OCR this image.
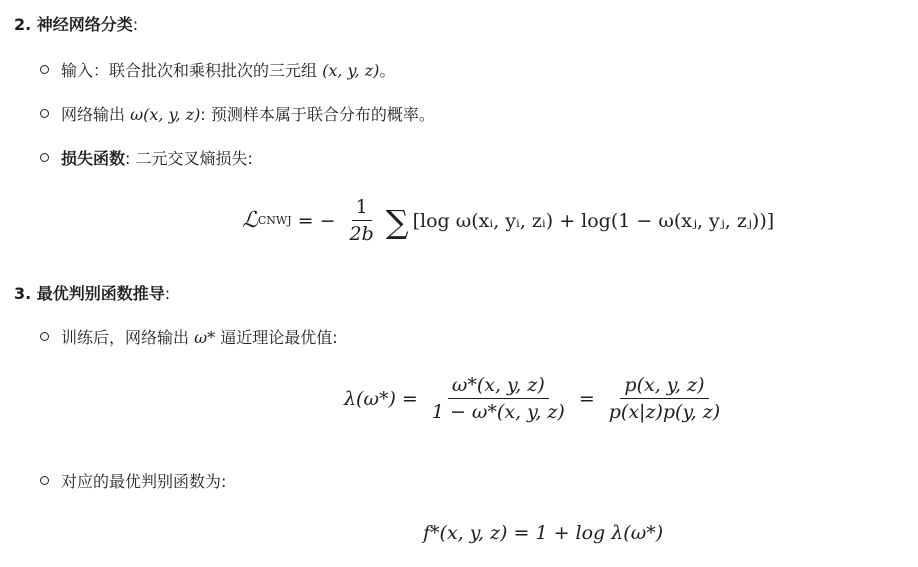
2. 神经网络分类:
输入：联合批次和乘积批次的三元组 (x, y, z)。
网络输出 ω(x, y, z): 预测样本属于联合分布的概率。
损失函数: 二元交叉熵损失:
ℒ CNWJ = − $\frac{1}{2b}$ ∑ [log ω(xᵢ, yᵢ, zᵢ) + log(1 − ω(xⱼ, yⱼ, zⱼ))]
3. 最优判别函数推导:
训练后，网络输出 ω* 逼近理论最优值:
$\lambda(\omega*) = \frac{\omega*(x, y, z)}{1 - \omega*(x, y, z)} = \frac{p(x, y, z)}{p(x|z)p(y, z)}$
对应的最优判别函数为:
f*(x, y, z) = 1 + log λ(ω*)
